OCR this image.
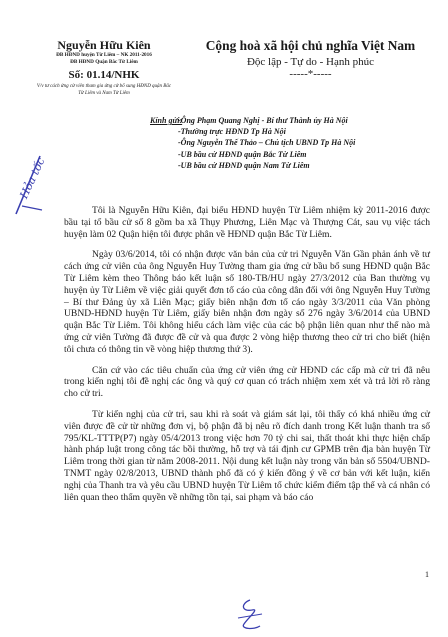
Nguyễn Hữu Kiên
ĐB HĐND huyện Từ Liêm – NK 2011-2016
ĐB HĐND Quận Bắc Từ Liêm
Số: 01.14/NHK
V/v tư cách ứng cử viên tham gia ứng cử bổ sung HĐND quận Bắc Từ Liêm và Nam Từ Liêm
Cộng hoà xã hội chủ nghĩa Việt Nam
Độc lập - Tự do - Hạnh phúc
-----*-----
Kính gửi:
-Ông Phạm Quang Nghị - Bí thư Thành ủy Hà Nội
-Thường trực HĐND Tp Hà Nội
-Ông Nguyễn Thế Thảo – Chủ tịch UBND Tp Hà Nội
-UB bầu cử HĐND quận Bắc Từ Liêm
-UB bầu cử HĐND quận Nam Từ Liêm
Hỏa tốc

Tôi là Nguyễn Hữu Kiên, đại biểu HĐND huyện Từ Liêm nhiệm kỳ 2011-2016 được bầu tại tổ bầu cử số 8 gồm ba xã Thụy Phương, Liên Mạc và Thượng Cát, sau vụ việc tách huyện làm 02 Quận hiện tôi được phân về HĐND quận Bắc Từ Liêm.

Ngày 03/6/2014, tôi có nhận được văn bản của cử tri Nguyễn Văn Gần phản ánh về tư cách ứng cử viên của ông Nguyễn Huy Tường tham gia ứng cử bầu bổ sung HĐND quận Bắc Từ Liêm kèm theo Thông báo kết luận số 180-TB/HU ngày 27/3/2012 của Ban thường vụ huyện ủy Từ Liêm về việc giải quyết đơn tố cáo của công dân đối với ông Nguyễn Huy Tường – Bí thư Đảng ủy xã Liên Mạc; giấy biên nhận đơn tố cáo ngày 3/3/2011 của Văn phòng UBND-HĐND huyện Từ Liêm, giấy biên nhận đơn ngày số 276 ngày 3/6/2014 của UBND quận Bắc Từ Liêm. Tôi không hiểu cách làm việc của các bộ phận liên quan như thế nào mà ứng cử viên Tường đã được đề cử và qua được 2 vòng hiệp thương theo cử tri cho biết (hiện tôi chưa có thông tin về vòng hiệp thương thứ 3).

Căn cứ vào các tiêu chuẩn của ứng cử viên ứng cử HĐND các cấp mà cử tri đã nêu trong kiến nghị tôi đề nghị các ông và quý cơ quan có trách nhiệm xem xét và trả lời rõ ràng cho cử tri.

Từ kiến nghị của cử tri, sau khi rà soát và giám sát lại, tôi thấy có khá nhiều ứng cử viên được đề cử từ những đơn vị, bộ phận đã bị nêu rõ đích danh trong Kết luận thanh tra số 795/KL-TTTP(P7) ngày 05/4/2013 trong việc hơn 70 tỷ chi sai, thất thoát khi thực hiện chấp hành pháp luật trong công tác bồi thường, hỗ trợ và tái định cư GPMB trên địa bàn huyện Từ Liêm trong thời gian từ năm 2008-2011. Nội dung kết luận này trong văn bản số 5504/UBND-TNMT ngày 02/8/2013, UBND thành phố đã có ý kiến đồng ý về cơ bản với kết luận, kiến nghị của Thanh tra và yêu cầu UBND huyện Từ Liêm tổ chức kiểm điểm tập thể và cá nhân có liên quan theo thẩm quyền về những tồn tại, sai phạm và báo cáo

1
